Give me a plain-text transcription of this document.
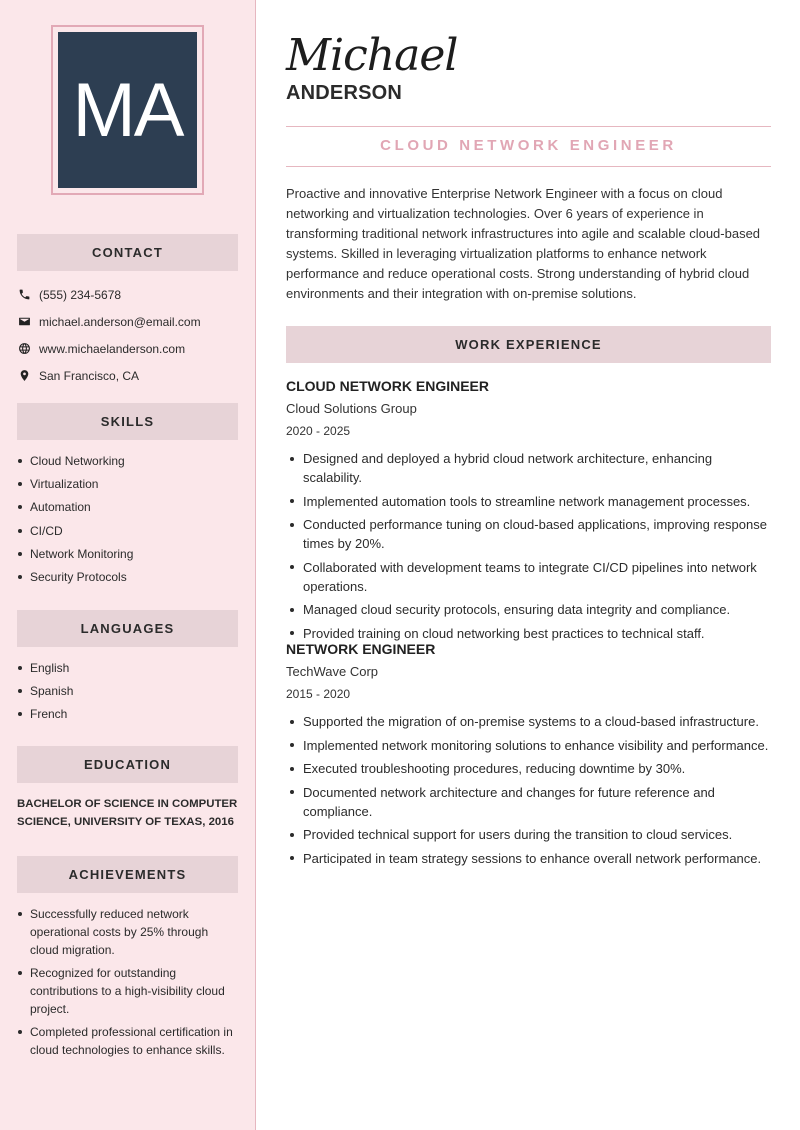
MA
CONTACT
(555) 234-5678
michael.anderson@email.com
www.michaelanderson.com
San Francisco, CA
SKILLS
Cloud Networking
Virtualization
Automation
CI/CD
Network Monitoring
Security Protocols
LANGUAGES
English
Spanish
French
EDUCATION
BACHELOR OF SCIENCE IN COMPUTER SCIENCE, UNIVERSITY OF TEXAS, 2016
ACHIEVEMENTS
Successfully reduced network operational costs by 25% through cloud migration.
Recognized for outstanding contributions to a high-visibility cloud project.
Completed professional certification in cloud technologies to enhance skills.
Michael
ANDERSON
CLOUD NETWORK ENGINEER

Proactive and innovative Enterprise Network Engineer with a focus on cloud networking and virtualization technologies. Over 6 years of experience in transforming traditional network infrastructures into agile and scalable cloud-based systems. Skilled in leveraging virtualization platforms to enhance network performance and reduce operational costs. Strong understanding of hybrid cloud environments and their integration with on-premise solutions.

WORK EXPERIENCE
CLOUD NETWORK ENGINEER
Cloud Solutions Group
2020 - 2025
Designed and deployed a hybrid cloud network architecture, enhancing scalability.
Implemented automation tools to streamline network management processes.
Conducted performance tuning on cloud-based applications, improving response times by 20%.
Collaborated with development teams to integrate CI/CD pipelines into network operations.
Managed cloud security protocols, ensuring data integrity and compliance.
Provided training on cloud networking best practices to technical staff.
NETWORK ENGINEER
TechWave Corp
2015 - 2020
Supported the migration of on-premise systems to a cloud-based infrastructure.
Implemented network monitoring solutions to enhance visibility and performance.
Executed troubleshooting procedures, reducing downtime by 30%.
Documented network architecture and changes for future reference and compliance.
Provided technical support for users during the transition to cloud services.
Participated in team strategy sessions to enhance overall network performance.
